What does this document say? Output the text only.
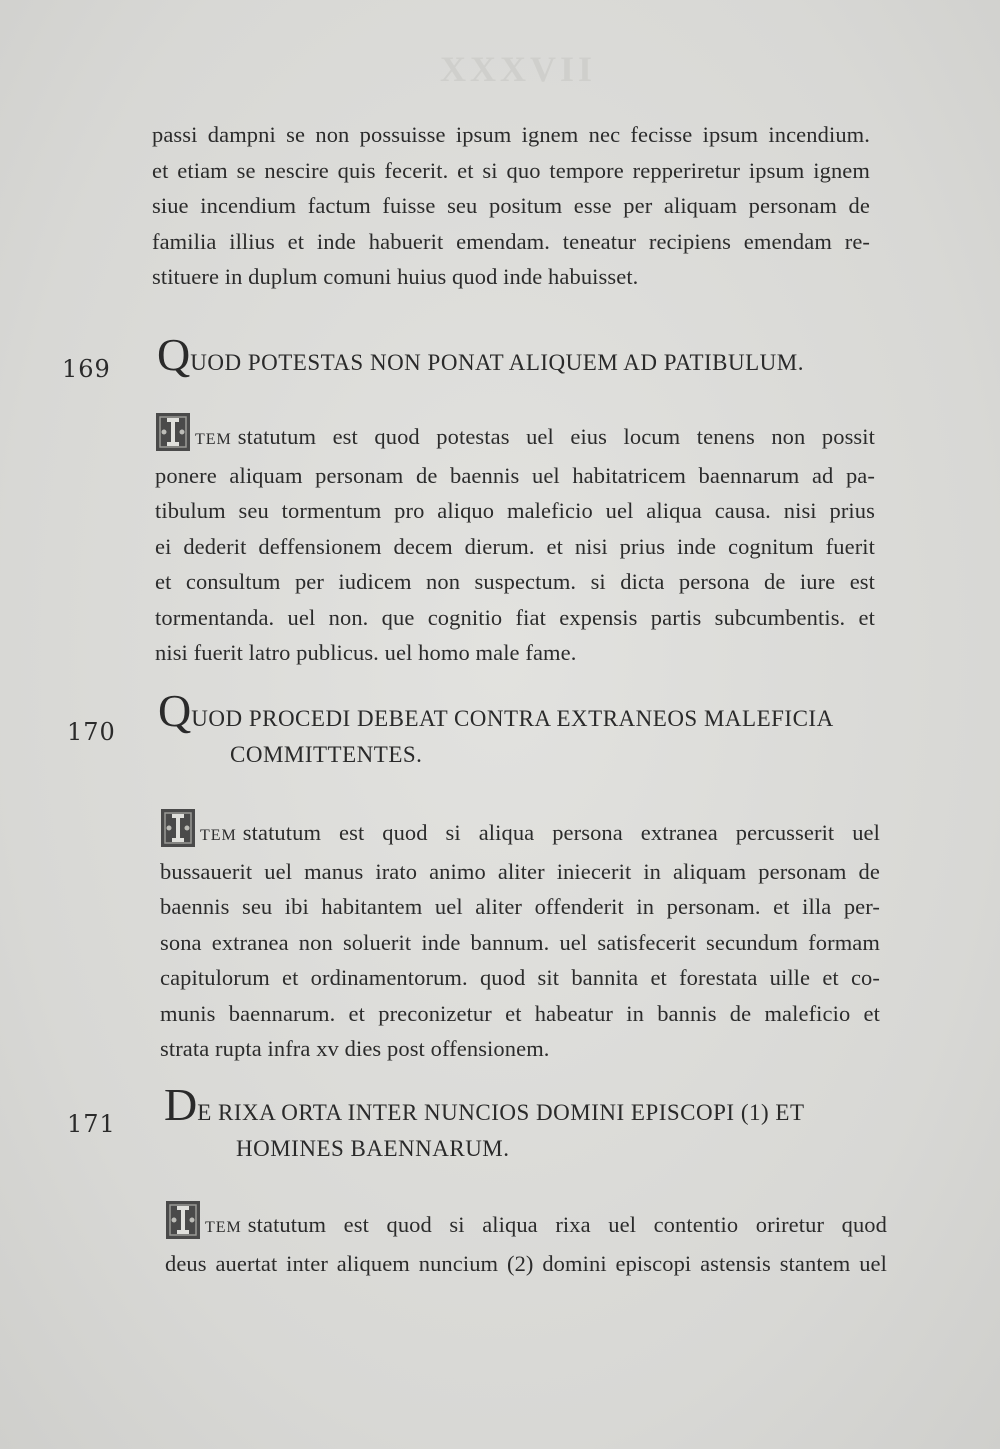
XXXVII
passi dampni se non possuisse ipsum ignem nec fecisse ipsum incendium.
et etiam se nescire quis fecerit. et si quo tempore repperiretur ipsum ignem
siue incendium factum fuisse seu positum esse per aliquam personam de
familia illius et inde habuerit emendam. teneatur recipiens emendam re-
stituere in duplum comuni huius quod inde habuisset.
169 QUOD POTESTAS NON PONAT ALIQUEM AD PATIBULUM.
TEM statutum est quod potestas uel eius locum tenens non possit
ponere aliquam personam de baennis uel habitatricem baennarum ad pa-
tibulum seu tormentum pro aliquo maleficio uel aliqua causa. nisi prius
ei dederit deffensionem decem dierum. et nisi prius inde cognitum fuerit
et consultum per iudicem non suspectum. si dicta persona de iure est
tormentanda. uel non. que cognitio fiat expensis partis subcumbentis. et
nisi fuerit latro publicus. uel homo male fame.
170 QUOD PROCEDI DEBEAT CONTRA EXTRANEOS MALEFICIA
COMMITTENTES.
TEM statutum est quod si aliqua persona extranea percusserit uel
bussauerit uel manus irato animo aliter iniecerit in aliquam personam de
baennis seu ibi habitantem uel aliter offenderit in personam. et illa per-
sona extranea non soluerit inde bannum. uel satisfecerit secundum formam
capitulorum et ordinamentorum. quod sit bannita et forestata uille et co-
munis baennarum. et preconizetur et habeatur in bannis de maleficio et
strata rupta infra xv dies post offensionem.
171 DE RIXA ORTA INTER NUNCIOS DOMINI EPISCOPI (1) ET
HOMINES BAENNARUM.
TEM statutum est quod si aliqua rixa uel contentio oriretur quod
deus auertat inter aliquem nuncium (2) domini episcopi astensis stantem uel
